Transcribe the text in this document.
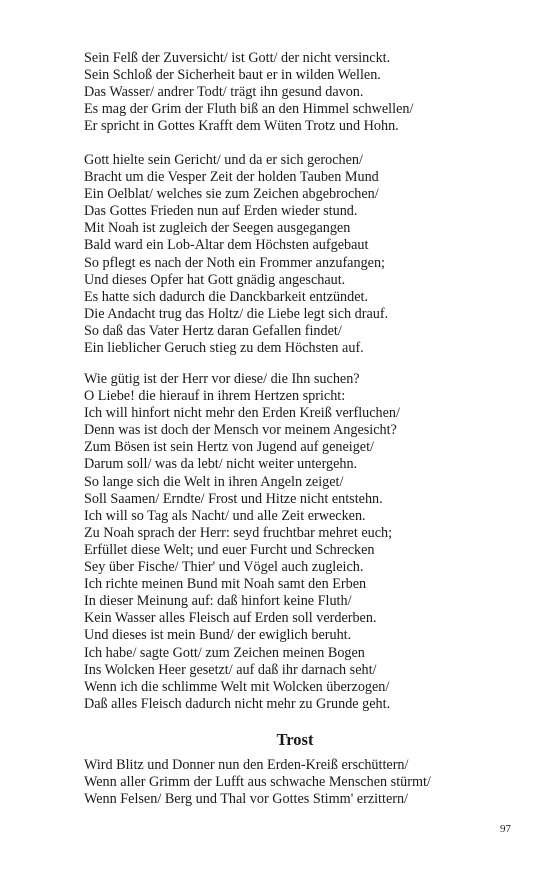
Sein Felß der Zuversicht/ ist Gott/ der nicht versinckt.
Sein Schloß der Sicherheit baut er in wilden Wellen.
Das Wasser/ andrer Todt/ trägt ihn gesund davon.
Es mag der Grim der Fluth biß an den Himmel schwellen/
Er spricht in Gottes Krafft dem Wüten Trotz und Hohn.
Gott hielte sein Gericht/ und da er sich gerochen/
Bracht um die Vesper Zeit der holden Tauben Mund
Ein Oelblat/ welches sie zum Zeichen abgebrochen/
Das Gottes Frieden nun auf Erden wieder stund.
Mit Noah ist zugleich der Seegen ausgegangen
Bald ward ein Lob-Altar dem Höchsten aufgebaut
So pflegt es nach der Noth ein Frommer anzufangen;
Und dieses Opfer hat Gott gnädig angeschaut.
Es hatte sich dadurch die Danckbarkeit entzündet.
Die Andacht trug das Holtz/ die Liebe legt sich drauf.
So daß das Vater Hertz daran Gefallen findet/
Ein lieblicher Geruch stieg zu dem Höchsten auf.
Wie gütig ist der Herr vor diese/ die Ihn suchen?
O Liebe! die hierauf in ihrem Hertzen spricht:
Ich will hinfort nicht mehr den Erden Kreiß verfluchen/
Denn was ist doch der Mensch vor meinem Angesicht?
Zum Bösen ist sein Hertz von Jugend auf geneiget/
Darum soll/ was da lebt/ nicht weiter untergehn.
So lange sich die Welt in ihren Angeln zeiget/
Soll Saamen/ Erndte/ Frost und Hitze nicht entstehn.
Ich will so Tag als Nacht/ und alle Zeit erwecken.
Zu Noah sprach der Herr: seyd fruchtbar mehret euch;
Erfüllet diese Welt; und euer Furcht und Schrecken
Sey über Fische/ Thier' und Vögel auch zugleich.
Ich richte meinen Bund mit Noah samt den Erben
In dieser Meinung auf: daß hinfort keine Fluth/
Kein Wasser alles Fleisch auf Erden soll verderben.
Und dieses ist mein Bund/ der ewiglich beruht.
Ich habe/ sagte Gott/ zum Zeichen meinen Bogen
Ins Wolcken Heer gesetzt/ auf daß ihr darnach seht/
Wenn ich die schlimme Welt mit Wolcken überzogen/
Daß alles Fleisch dadurch nicht mehr zu Grunde geht.
Trost
Wird Blitz und Donner nun den Erden-Kreiß erschüttern/
Wenn aller Grimm der Lufft aus schwache Menschen stürmt/
Wenn Felsen/ Berg und Thal vor Gottes Stimm' erzittern/
97
